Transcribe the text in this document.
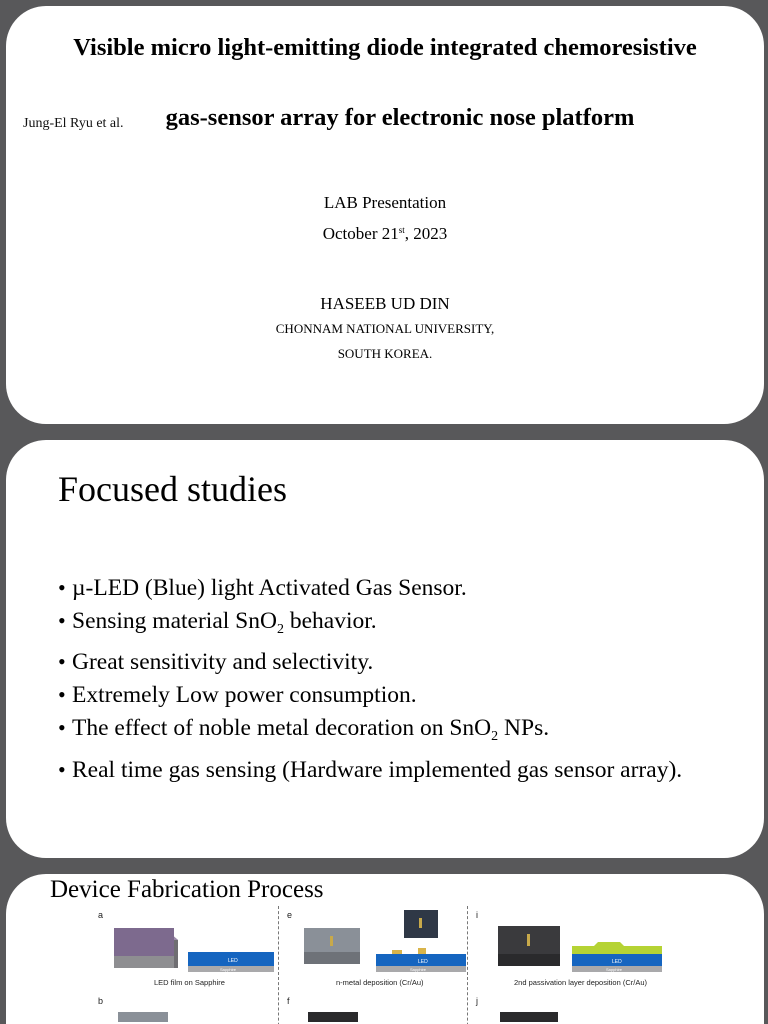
Visible micro light-emitting diode integrated chemoresistive
gas-sensor array for electronic nose platform
Jung-El Ryu et al.
LAB Presentation
October 21st, 2023
HASEEB UD DIN
CHONNAM NATIONAL UNIVERSITY,
SOUTH KOREA.
Focused studies
• µ-LED (Blue) light Activated Gas Sensor.
• Sensing material SnO$_2$ behavior.
• Great sensitivity and selectivity.
• Extremely Low power consumption.
• The effect of noble metal decoration on SnO$_2$ NPs.
• Real time gas sensing (Hardware implemented gas sensor array).
Device Fabrication Process
a	e	i
b	f	j
LED
Sapphire
LED film on Sapphire
LED
Sapphire
n-metal deposition (Cr/Au)
LED
Sapphire
2nd passivation layer deposition (Cr/Au)
